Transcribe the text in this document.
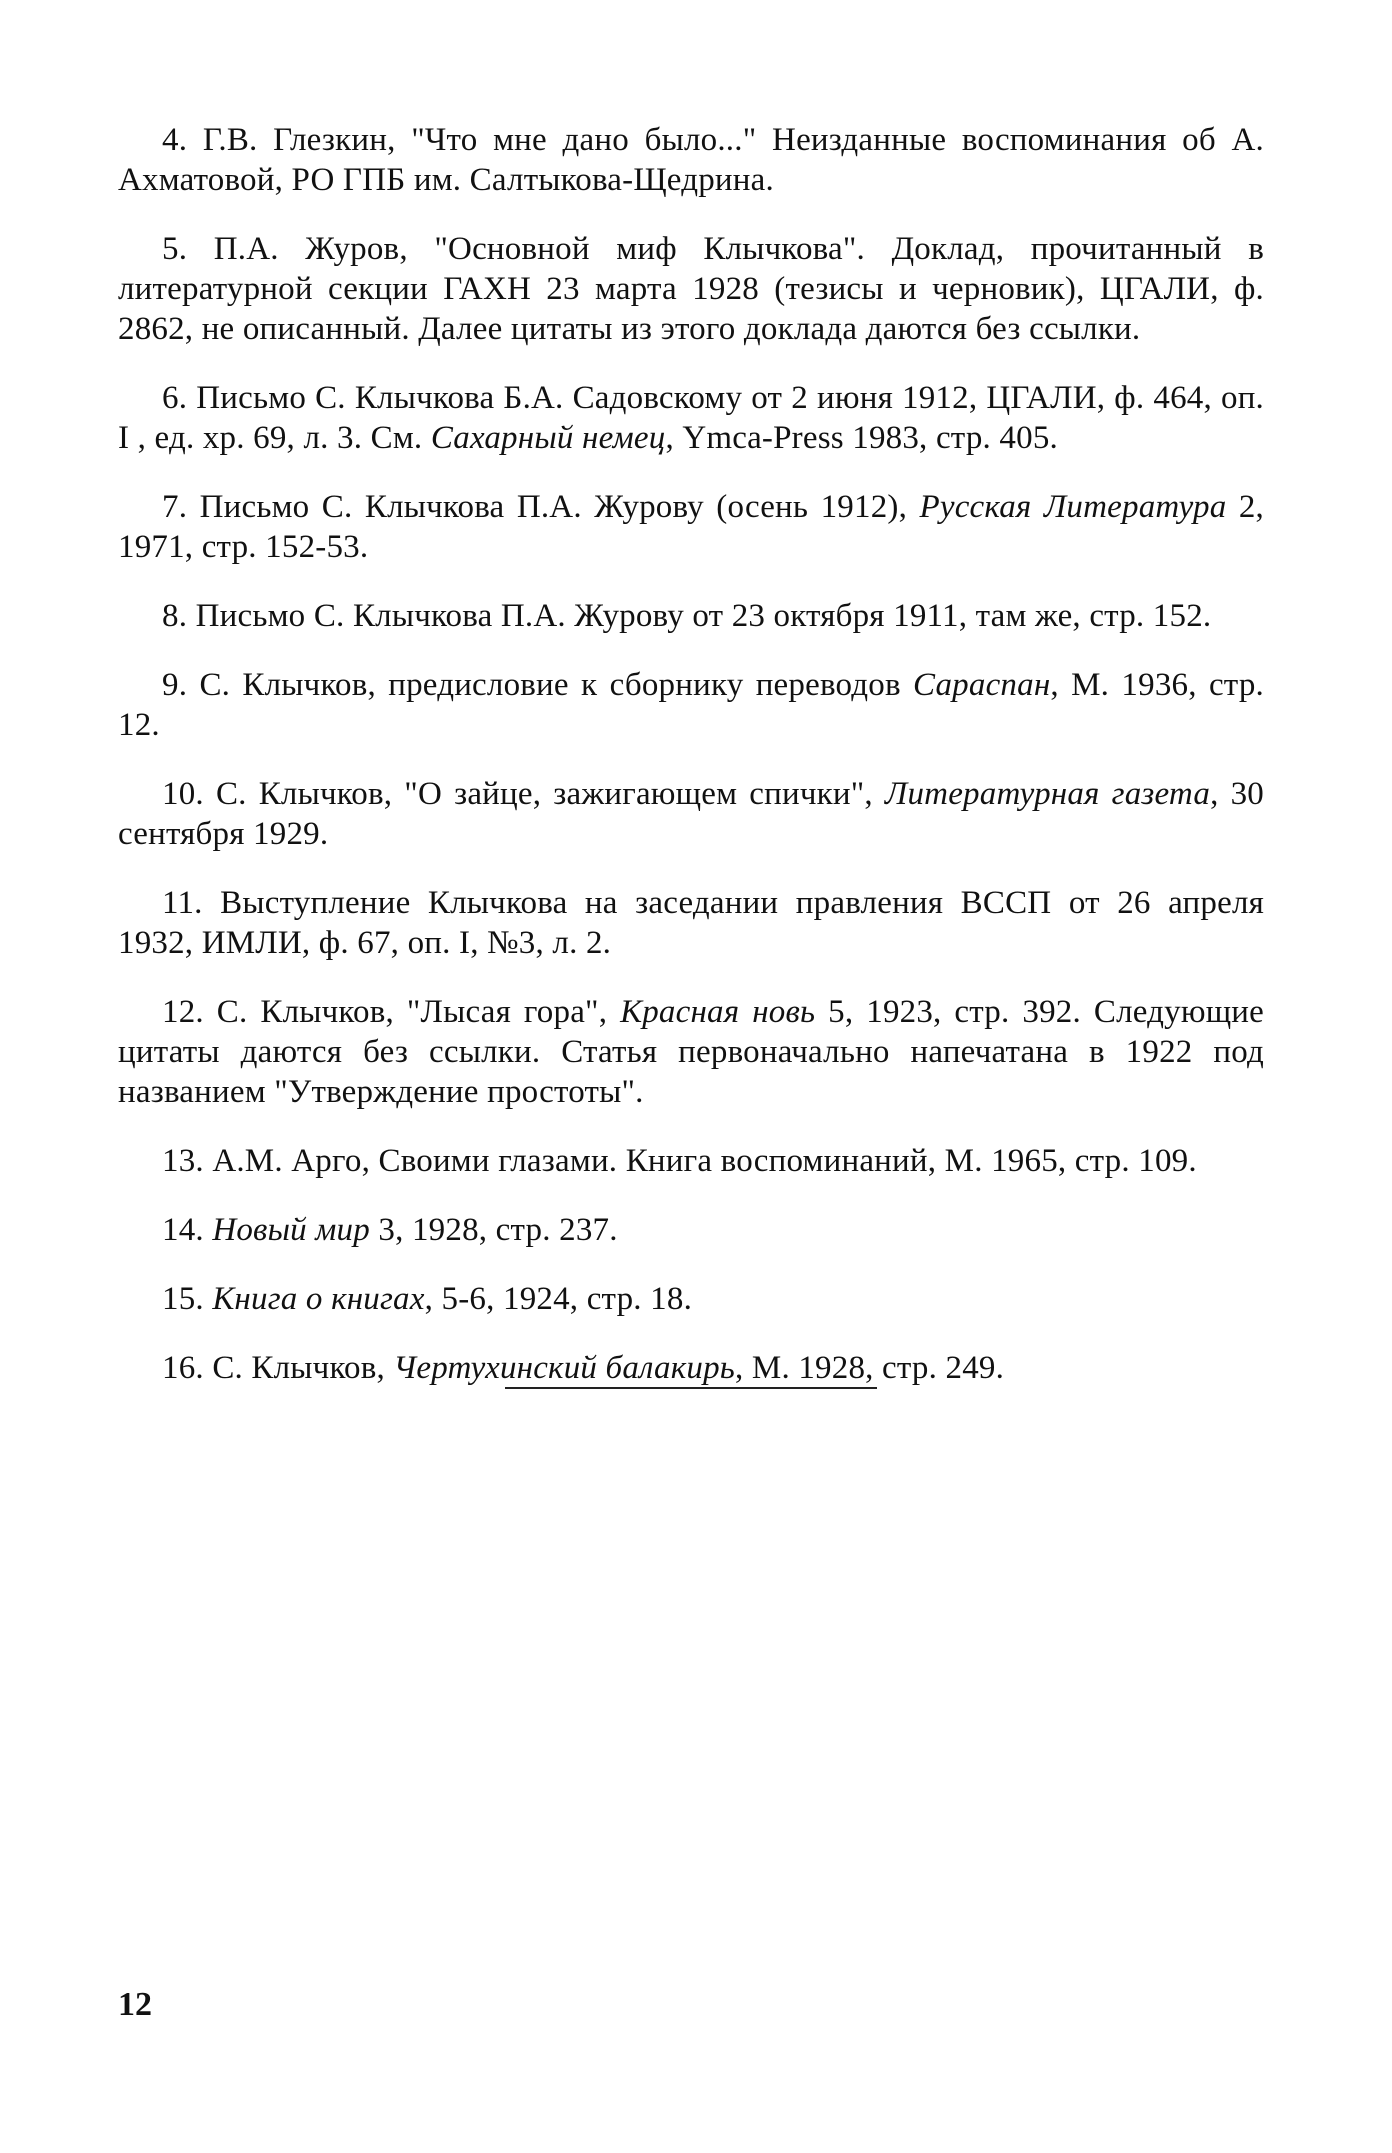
4. Г.В. Глезкин, "Что мне дано было..." Неизданные воспоминания об А. Ахматовой, РО ГПБ им. Салтыкова-Щедрина.

5. П.А. Журов, "Основной миф Клычкова". Доклад, прочитанный в литературной секции ГАХН 23 марта 1928 (тезисы и черновик), ЦГАЛИ, ф. 2862, не описанный. Далее цитаты из этого доклада даются без ссылки.

6. Письмо С. Клычкова Б.А. Садовскому от 2 июня 1912, ЦГАЛИ, ф. 464, оп. I , ед. хр. 69, л. 3. См. Сахарный немец, Ymca-Press 1983, стр. 405.

7. Письмо С. Клычкова П.А. Журову (осень 1912), Русская Литература 2, 1971, стр. 152-53.

8. Письмо С. Клычкова П.А. Журову от 23 октября 1911, там же, стр. 152.

9. С. Клычков, предисловие к сборнику переводов Сараспан, М. 1936, стр. 12.

10. С. Клычков, "О зайце, зажигающем спички", Литературная газета, 30 сентября 1929.

11. Выступление Клычкова на заседании правления ВССП от 26 апреля 1932, ИМЛИ, ф. 67, оп. I, №3, л. 2.

12. С. Клычков, "Лысая гора", Красная новь 5, 1923, стр. 392. Следующие цитаты даются без ссылки. Статья первоначально напечатана в 1922 под названием "Утверждение простоты".

13. А.М. Арго, Своими глазами. Книга воспоминаний, М. 1965, стр. 109.

14. Новый мир 3, 1928, стр. 237.

15. Книга о книгах, 5-6, 1924, стр. 18.

16. С. Клычков, Чертухинский балакирь, М. 1928, стр. 249.

12
